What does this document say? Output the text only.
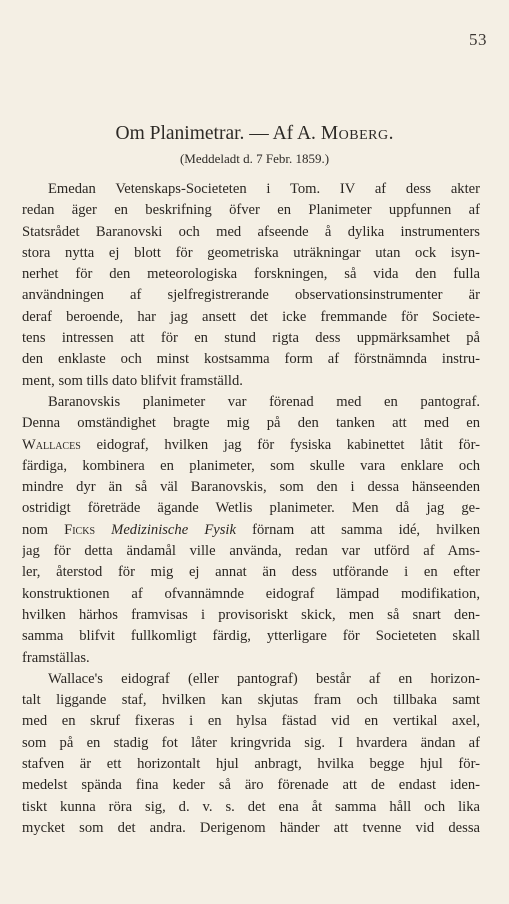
53
Om Planimetrar. — Af A. Moberg.
(Meddeladt d. 7 Febr. 1859.)
Emedan Vetenskaps-Societeten i Tom. IV af dess akter
redan äger en beskrifning öfver en Planimeter uppfunnen af
Statsrådet Baranovski och med afseende å dylika instrumenters
stora nytta ej blott för geometriska uträkningar utan ock isyn-
nerhet för den meteorologiska forskningen, så vida den fulla
användningen af sjelfregistrerande observationsinstrumenter är
deraf beroende, har jag ansett det icke fremmande för Societe-
tens intressen att för en stund rigta dess uppmärksamhet på
den enklaste och minst kostsamma form af förstnämnda instru-
ment, som tills dato blifvit framställd.
Baranovskis planimeter var förenad med en pantograf.
Denna omständighet bragte mig på den tanken att med en
Wallaces eidograf, hvilken jag för fysiska kabinettet låtit för-
färdiga, kombinera en planimeter, som skulle vara enklare och
mindre dyr än så väl Baranovskis, som den i dessa hänseenden
ostridigt företräde ägande Wetlis planimeter. Men då jag ge-
nom Ficks Medizinische Fysik förnam att samma idé, hvilken
jag för detta ändamål ville använda, redan var utförd af Ams-
ler, återstod för mig ej annat än dess utförande i en efter
konstruktionen af ofvannämnde eidograf lämpad modifikation,
hvilken härhos framvisas i provisoriskt skick, men så snart den-
samma blifvit fullkomligt färdig, ytterligare för Societeten skall
framställas.
Wallace's eidograf (eller pantograf) består af en horizon-
talt liggande staf, hvilken kan skjutas fram och tillbaka samt
med en skruf fixeras i en hylsa fästad vid en vertikal axel,
som på en stadig fot låter kringvrida sig. I hvardera ändan af
stafven är ett horizontalt hjul anbragt, hvilka begge hjul för-
medelst spända fina keder så äro förenade att de endast iden-
tiskt kunna röra sig, d. v. s. det ena åt samma håll och lika
mycket som det andra. Derigenom händer att tvenne vid dessa
